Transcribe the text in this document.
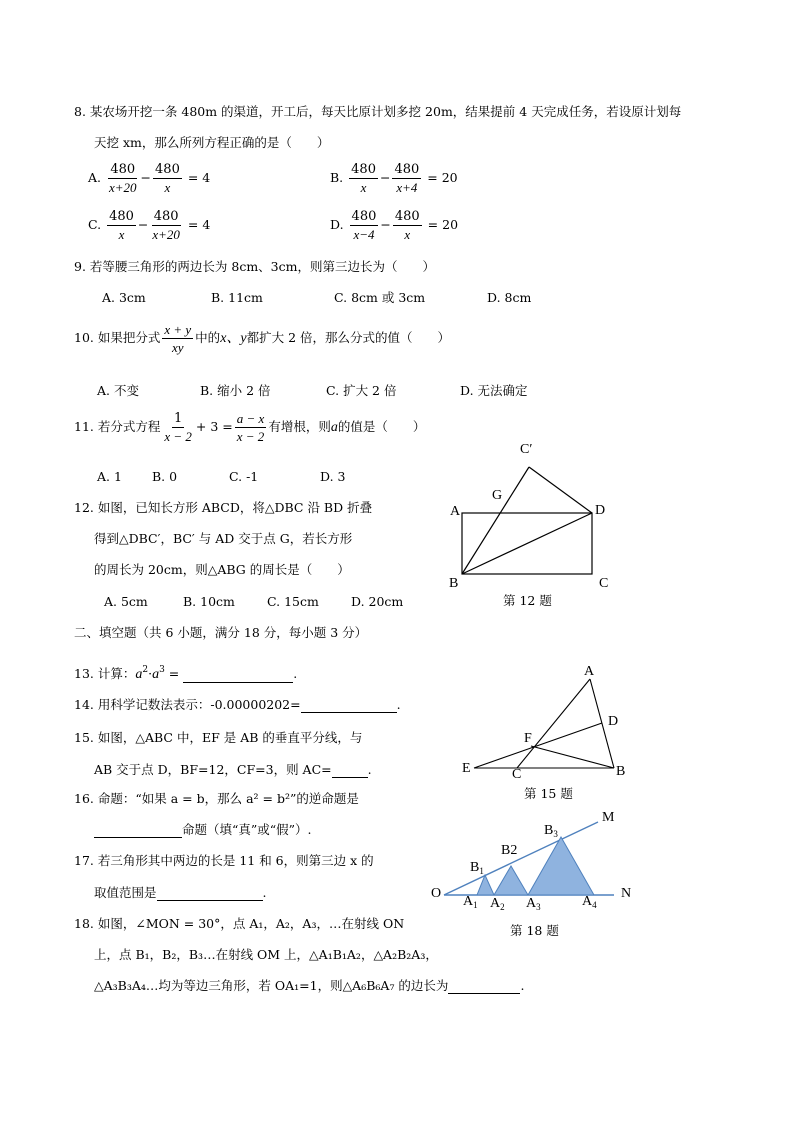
8. 某农场开挖一条 480m 的渠道，开工后，每天比原计划多挖 20m，结果提前 4 天完成任务，若设原计划每
天挖 xm，那么所列方程正确的是（　　）
A. $\frac{480}{x+20} - \frac{480}{x} = 4$	B. $\frac{480}{x} - \frac{480}{x+4} = 20$
C. $\frac{480}{x} - \frac{480}{x+20} = 4$	D. $\frac{480}{x-4} - \frac{480}{x} = 20$
9. 若等腰三角形的两边长为 8cm、3cm，则第三边长为（　　）
A. 3cm	B. 11cm	C. 8cm 或 3cm	D. 8cm
10. 如果把分式 $\frac{x + y}{xy}$ 中的x、y都扩大 2 倍，那么分式的值（　　）
A. 不变	B. 缩小 2 倍	C. 扩大 2 倍	D. 无法确定
11. 若分式方程 $\frac{1}{x - 2} + 3 = \frac{a - x}{x - 2}$ 有增根，则a的值是（　　）
A. 1 B. 0	C. -1	D. 3
12. 如图，已知长方形 ABCD，将△DBC 沿 BD 折叠
得到△DBC′，BC′ 与 AD 交于点 G，若长方形
的周长为 20cm，则△ABG 的周长是（　　）
A. 5cm	B. 10cm	C. 15cm	D. 20cm
A
B	C
D
G
C′
第 12 题
二、填空题（共 6 小题，满分 18 分，每小题 3 分）
13. 计算：$a^2\cdot a^3$ =	.
14. 用科学记数法表示：-0.00000202=	.
15. 如图，△ABC 中，EF 是 AB 的垂直平分线，与
AB 交于点 D，BF=12，CF=3，则 AC=	.
A
B
C
D
E
F
第 15 题
16. 命题：“如果 a = b，那么 a² = b²”的逆命题是
命题（填“真”或“假”）.
17. 若三角形其中两边的长是 11 和 6，则第三边 x 的
取值范围是	.	O
M
N
$A_1$ $A_2$ $A_3$	$A_4$
$B_1$
B2
$B_3$
第 18 题
18. 如图，∠MON = 30°，点 A₁，A₂，A₃，…在射线 ON
上，点 B₁，B₂，B₃…在射线 OM 上，△A₁B₁A₂，△A₂B₂A₃，
△A₃B₃A₄…均为等边三角形，若 OA₁=1，则△A₆B₆A₇ 的边长为	.
